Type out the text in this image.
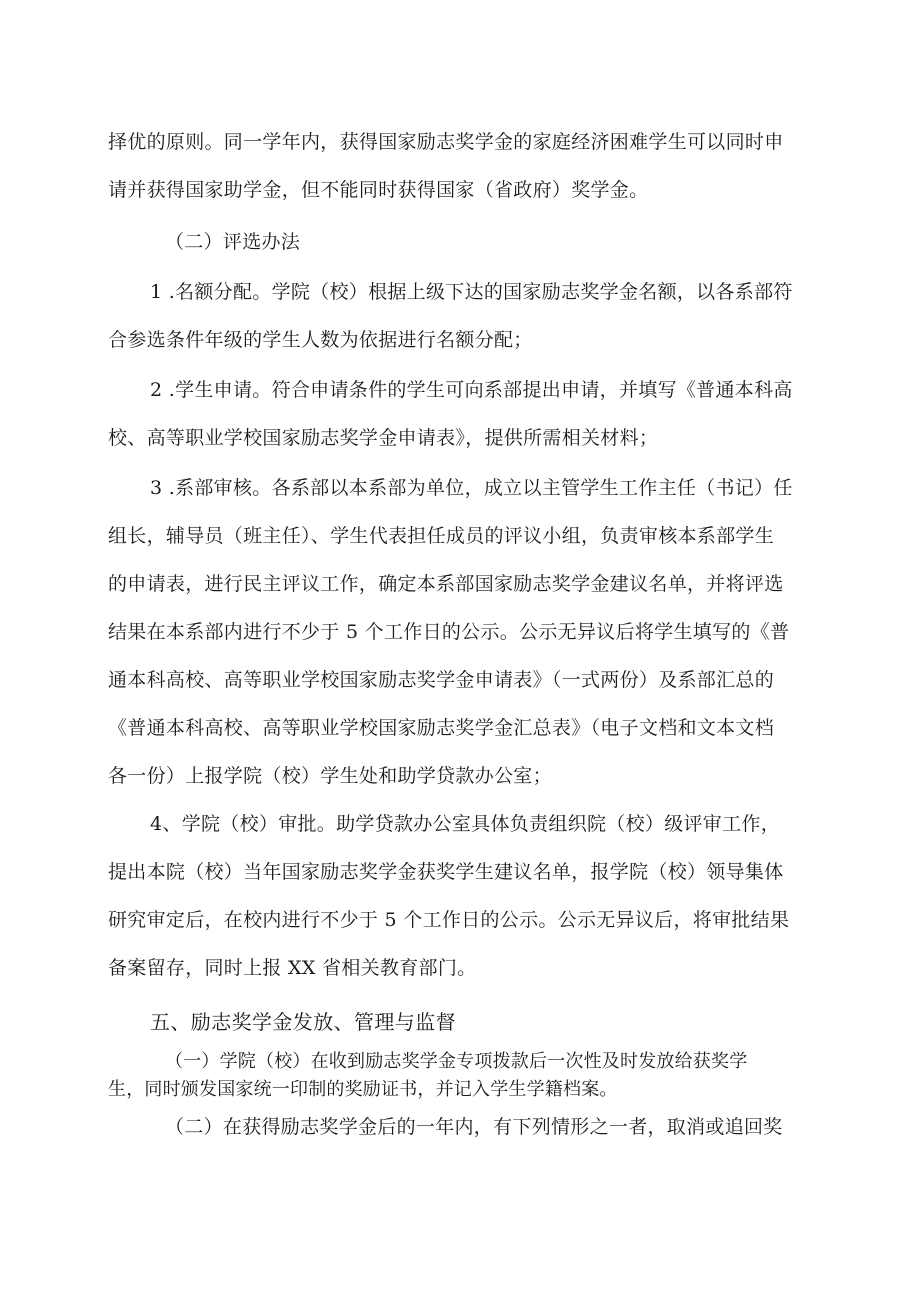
择优的原则。同一学年内，获得国家励志奖学金的家庭经济困难学生可以同时申
请并获得国家助学金，但不能同时获得国家（省政府）奖学金。
（二）评选办法
1 .名额分配。学院（校）根据上级下达的国家励志奖学金名额，以各系部符
合参选条件年级的学生人数为依据进行名额分配；
2 .学生申请。符合申请条件的学生可向系部提出申请，并填写《普通本科高
校、高等职业学校国家励志奖学金申请表》，提供所需相关材料；
3 .系部审核。各系部以本系部为单位，成立以主管学生工作主任（书记）任
组长，辅导员（班主任）、学生代表担任成员的评议小组，负责审核本系部学生
的申请表，进行民主评议工作，确定本系部国家励志奖学金建议名单，并将评选
结果在本系部内进行不少于 5 个工作日的公示。公示无异议后将学生填写的《普
通本科高校、高等职业学校国家励志奖学金申请表》（一式两份）及系部汇总的
《普通本科高校、高等职业学校国家励志奖学金汇总表》（电子文档和文本文档
各一份）上报学院（校）学生处和助学贷款办公室；
4、学院（校）审批。助学贷款办公室具体负责组织院（校）级评审工作，
提出本院（校）当年国家励志奖学金获奖学生建议名单，报学院（校）领导集体
研究审定后，在校内进行不少于 5 个工作日的公示。公示无异议后，将审批结果
备案留存，同时上报 XX 省相关教育部门。
五、励志奖学金发放、管理与监督
（一）学院（校）在收到励志奖学金专项拨款后一次性及时发放给获奖学
生，同时颁发国家统一印制的奖励证书，并记入学生学籍档案。
（二）在获得励志奖学金后的一年内，有下列情形之一者，取消或追回奖
